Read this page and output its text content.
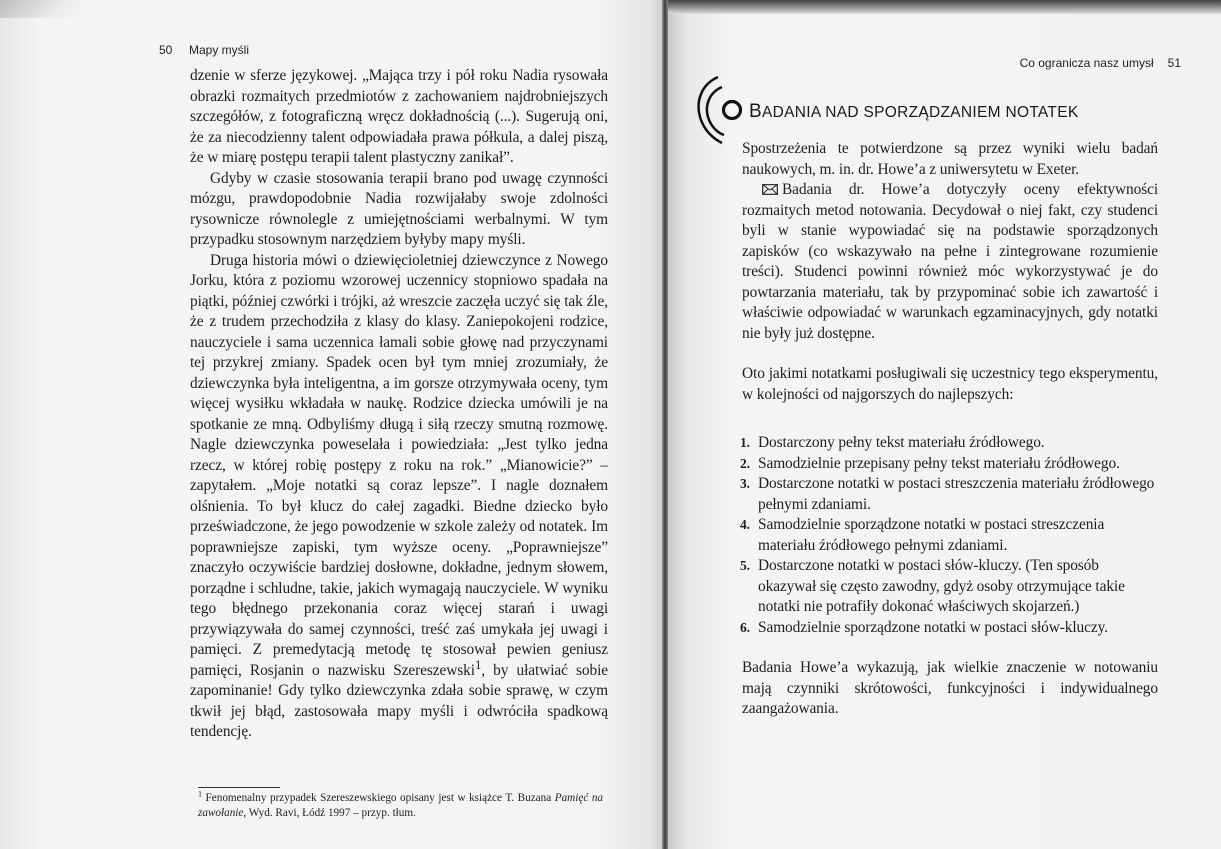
50 Mapy myśli

dzenie w sferze językowej. „Mająca trzy i pół roku Nadia rysowała obrazki rozmaitych przedmiotów z zachowaniem najdrobniejszych szczegółów, z fotograficzną wręcz dokładnością (...). Sugerują oni, że za niecodzienny talent odpowiadała prawa półkula, a dalej piszą, że w miarę postępu terapii talent plastyczny zanikał”.

Gdyby w czasie stosowania terapii brano pod uwagę czynności mózgu, prawdopodobnie Nadia rozwijałaby swoje zdolności rysownicze równolegle z umiejętnościami werbalnymi. W tym przypadku stosownym narzędziem byłyby mapy myśli.

Druga historia mówi o dziewięcioletniej dziewczynce z Nowego Jorku, która z poziomu wzorowej uczennicy stopniowo spadała na piątki, później czwórki i trójki, aż wreszcie zaczęła uczyć się tak źle, że z trudem przechodziła z klasy do klasy. Zaniepokojeni rodzice, nauczyciele i sama uczennica łamali sobie głowę nad przyczynami tej przykrej zmiany. Spadek ocen był tym mniej zrozumiały, że dziewczynka była inteligentna, a im gorsze otrzymywała oceny, tym więcej wysiłku wkładała w naukę. Rodzice dziecka umówili je na spotkanie ze mną. Odbyliśmy długą i siłą rzeczy smutną rozmowę. Nagle dziewczynka poweselała i powiedziała: „Jest tylko jedna rzecz, w której robię postępy z roku na rok.” „Mianowicie?” – zapytałem. „Moje notatki są coraz lepsze”. I nagle doznałem olśnienia. To był klucz do całej zagadki. Biedne dziecko było przeświadczone, że jego powodzenie w szkole zależy od notatek. Im poprawniejsze zapiski, tym wyższe oceny. „Poprawniejsze” znaczyło oczywiście bardziej dosłowne, dokładne, jednym słowem, porządne i schludne, takie, jakich wymagają nauczyciele. W wyniku tego błędnego przekonania coraz więcej starań i uwagi przywiązywała do samej czynności, treść zaś umykała jej uwagi i pamięci. Z premedytacją metodę tę stosował pewien geniusz pamięci, Rosjanin o nazwisku Szereszewski$^1$, by ułatwiać sobie zapominanie! Gdy tylko dziewczynka zdała sobie sprawę, w czym tkwił jej błąd, zastosowała mapy myśli i odwróciła spadkową tendencję.

$^1$ Fenomenalny przypadek Szereszewskiego opisany jest w książce T. Buzana Pamięć na zawołanie, Wyd. Ravi, Łódź 1997 – przyp. tłum.
Co ogranicza nasz umysł 51
BADANIA NAD SPORZĄDZANIEM NOTATEK

Spostrzeżenia te potwierdzone są przez wyniki wielu badań naukowych, m. in. dr. Howe’a z uniwersytetu w Exeter.

Badania dr. Howe’a dotyczyły oceny efektywności rozmaitych metod notowania. Decydował o niej fakt, czy studenci byli w stanie wypowiadać się na podstawie sporządzonych zapisków (co wskazywało na pełne i zintegrowane rozumienie treści). Studenci powinni również móc wykorzystywać je do powtarzania materiału, tak by przypominać sobie ich zawartość i właściwie odpowiadać w warunkach egzaminacyjnych, gdy notatki nie były już dostępne.

Oto jakimi notatkami posługiwali się uczestnicy tego eksperymentu, w kolejności od najgorszych do najlepszych:

1. Dostarczony pełny tekst materiału źródłowego.
2. Samodzielnie przepisany pełny tekst materiału źródłowego.
3. Dostarczone notatki w postaci streszczenia materiału źródłowego pełnymi zdaniami.
4. Samodzielnie sporządzone notatki w postaci streszczenia materiału źródłowego pełnymi zdaniami.
5. Dostarczone notatki w postaci słów-kluczy. (Ten sposób okazywał się często zawodny, gdyż osoby otrzymujące takie notatki nie potrafiły dokonać właściwych skojarzeń.)
6. Samodzielnie sporządzone notatki w postaci słów-kluczy.

Badania Howe’a wykazują, jak wielkie znaczenie w notowaniu mają czynniki skrótowości, funkcyjności i indywidualnego zaangażowania.
